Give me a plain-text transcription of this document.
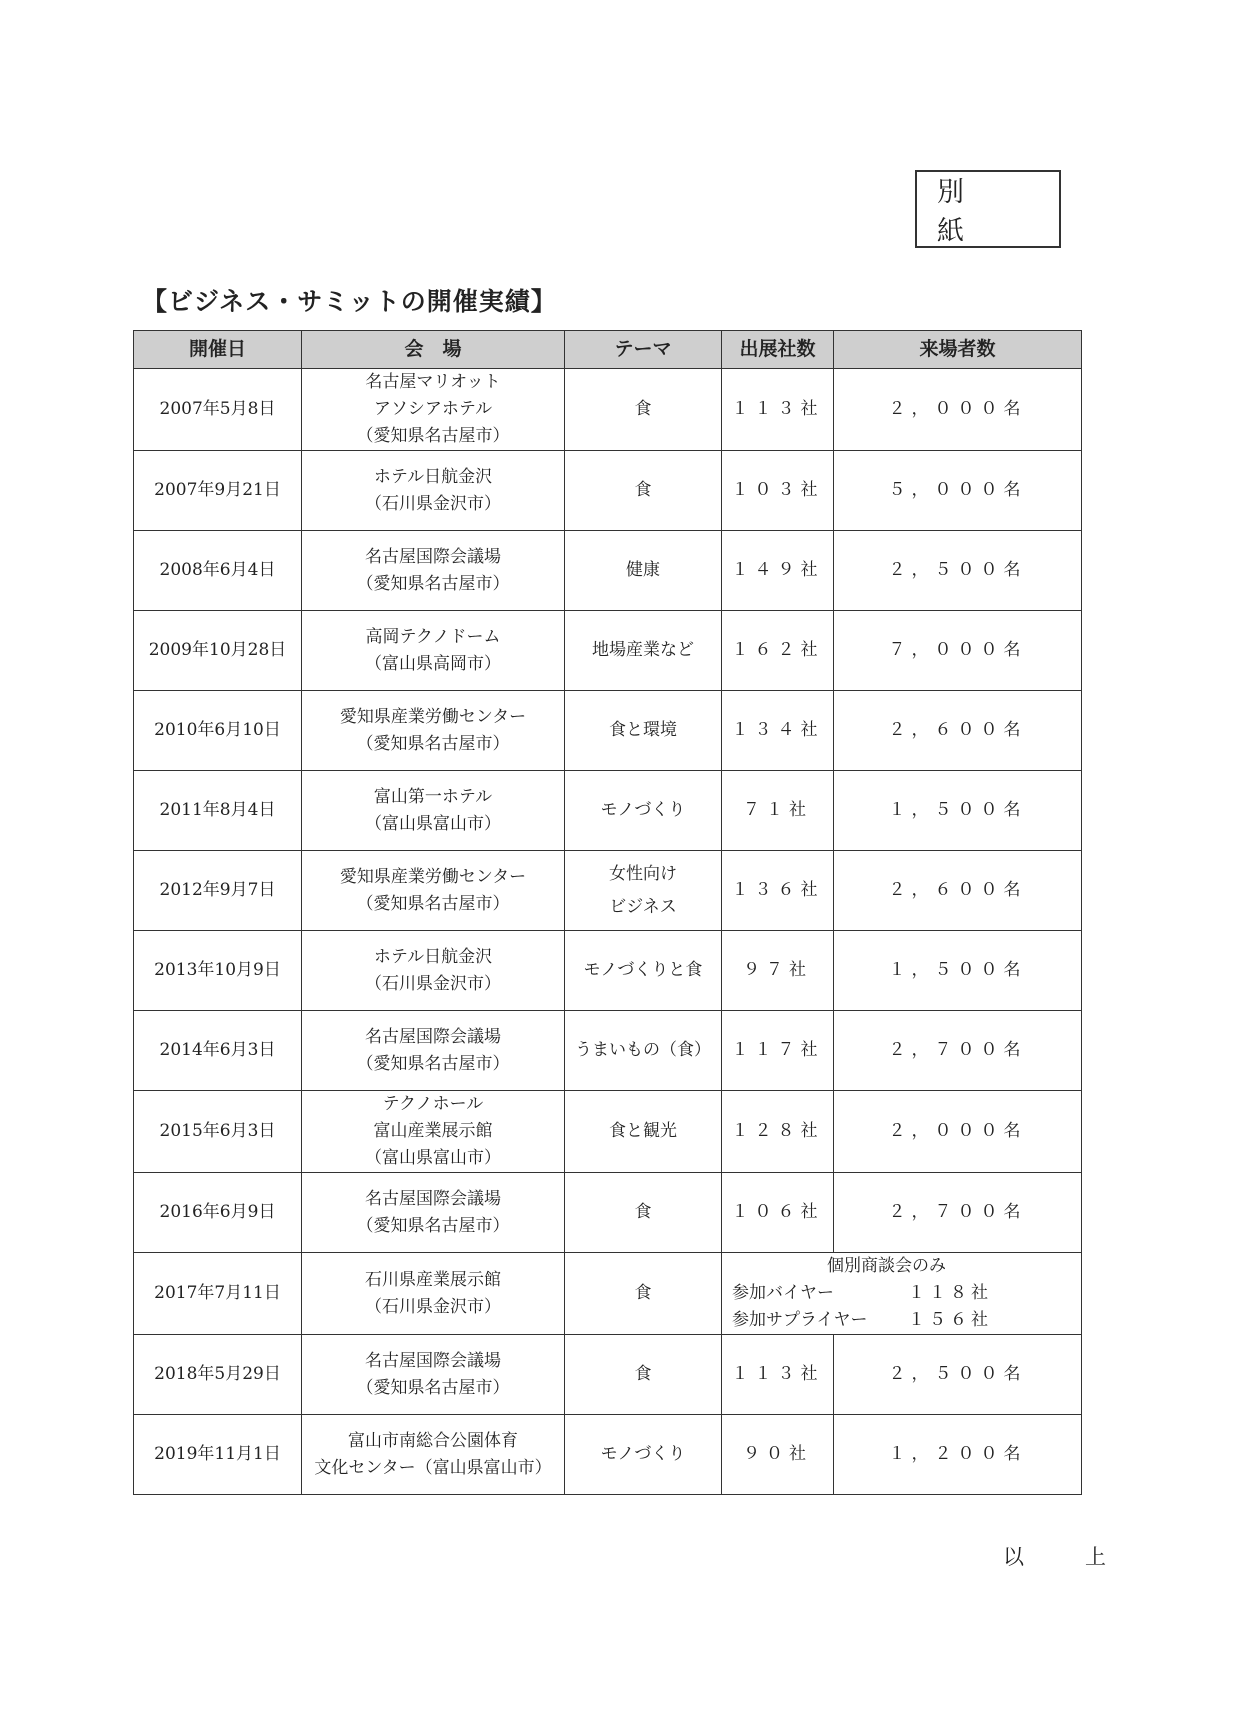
別　紙
【ビジネス・サミットの開催実績】
開催日	会　場	テーマ	出展社数	来場者数
2007年5月8日	名古屋マリオット
アソシアホテル
（愛知県名古屋市）	食	１１３社	２，０００名
2007年9月21日	ホテル日航金沢
（石川県金沢市）	食	１０３社	５，０００名
2008年6月4日	名古屋国際会議場
（愛知県名古屋市）	健康	１４９社	２，５００名
2009年10月28日	高岡テクノドーム
（富山県高岡市）	地場産業など	１６２社	７，０００名
2010年6月10日	愛知県産業労働センター
（愛知県名古屋市）	食と環境	１３４社	２，６００名
2011年8月4日	富山第一ホテル
（富山県富山市）	モノづくり	７１社	１，５００名
2012年9月7日	愛知県産業労働センター
（愛知県名古屋市）	女性向け
ビジネス	１３６社	２，６００名
2013年10月9日	ホテル日航金沢
（石川県金沢市）	モノづくりと食	９７社	１，５００名
2014年6月3日	名古屋国際会議場
（愛知県名古屋市）	うまいもの（食）	１１７社	２，７００名
2015年6月3日	テクノホール
富山産業展示館
（富山県富山市）	食と観光	１２８社	２，０００名
2016年6月9日	名古屋国際会議場
（愛知県名古屋市）	食	１０６社	２，７００名
2017年7月11日	石川県産業展示館
（石川県金沢市）	食	個別商談会のみ
参加バイヤー １１８社
参加サプライヤー １５６社	

2018年5月29日	名古屋国際会議場
（愛知県名古屋市）	食	１１３社	２，５００名
2019年11月1日	富山市南総合公園体育
文化センター（富山県富山市）	モノづくり	９０社	１，２００名
以　上
